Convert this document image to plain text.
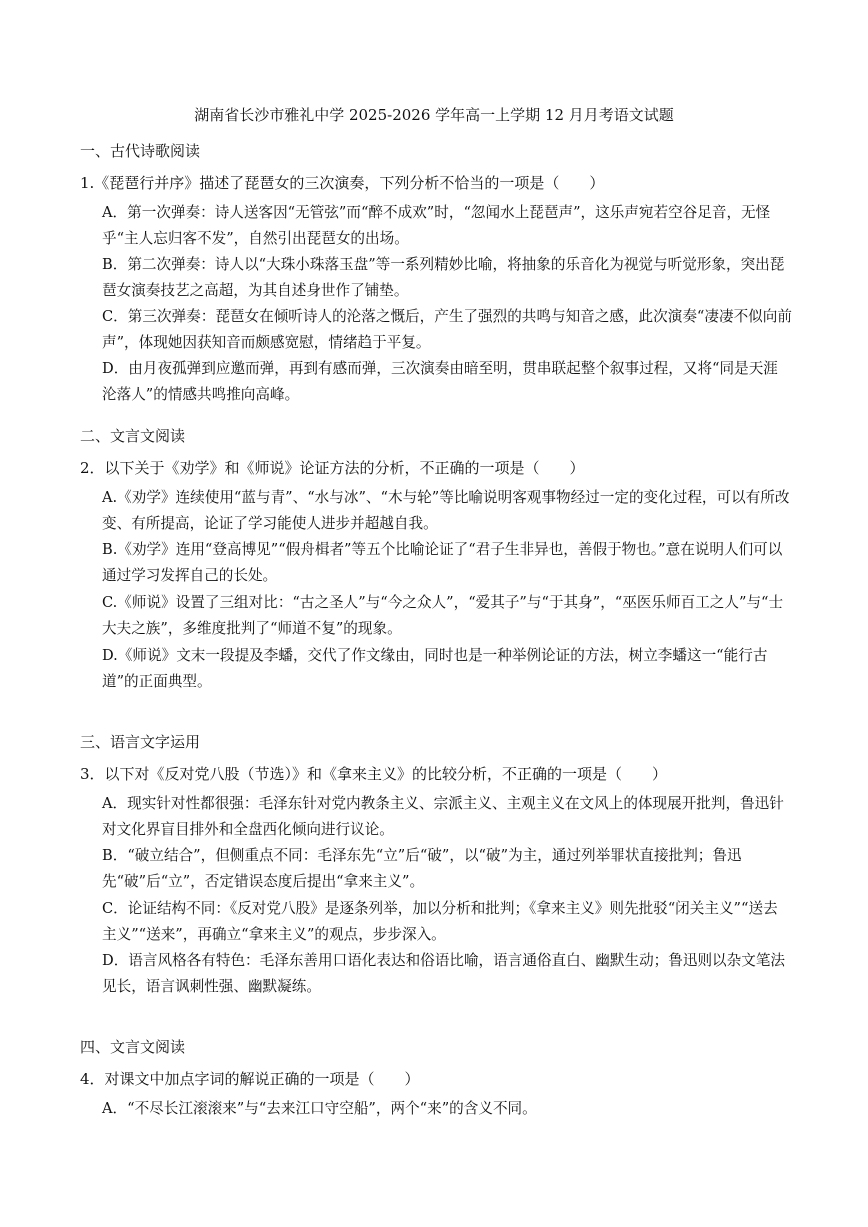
湖南省长沙市雅礼中学 2025-2026 学年高一上学期 12 月月考语文试题
一、古代诗歌阅读
1.《琵琶行并序》描述了琵琶女的三次演奏，下列分析不恰当的一项是（　　）
A．第一次弹奏：诗人送客因“无管弦”而“醉不成欢”时，“忽闻水上琵琶声”，这乐声宛若空谷足音，无怪乎“主人忘归客不发”，自然引出琵琶女的出场。
B．第二次弹奏：诗人以“大珠小珠落玉盘”等一系列精妙比喻，将抽象的乐音化为视觉与听觉形象，突出琵琶女演奏技艺之高超，为其自述身世作了铺垫。
C．第三次弹奏：琵琶女在倾听诗人的沦落之慨后，产生了强烈的共鸣与知音之感，此次演奏“凄凄不似向前声”，体现她因获知音而颇感宽慰，情绪趋于平复。
D．由月夜孤弹到应邀而弹，再到有感而弹，三次演奏由暗至明，贯串联起整个叙事过程，又将“同是天涯沦落人”的情感共鸣推向高峰。
二、文言文阅读
2．以下关于《劝学》和《师说》论证方法的分析，不正确的一项是（　　）
A.《劝学》连续使用“蓝与青”、“水与冰”、“木与轮”等比喻说明客观事物经过一定的变化过程，可以有所改变、有所提高，论证了学习能使人进步并超越自我。
B.《劝学》连用“登高博见”“假舟楫者”等五个比喻论证了“君子生非异也，善假于物也。”意在说明人们可以通过学习发挥自己的长处。
C.《师说》设置了三组对比：“古之圣人”与“今之众人”，“爱其子”与“于其身”，“巫医乐师百工之人”与“士大夫之族”，多维度批判了“师道不复”的现象。
D.《师说》文末一段提及李蟠，交代了作文缘由，同时也是一种举例论证的方法，树立李蟠这一“能行古道”的正面典型。
三、语言文字运用
3．以下对《反对党八股（节选）》和《拿来主义》的比较分析，不正确的一项是（　　）
A．现实针对性都很强：毛泽东针对党内教条主义、宗派主义、主观主义在文风上的体现展开批判，鲁迅针对文化界盲目排外和全盘西化倾向进行议论。
B．“破立结合”，但侧重点不同：毛泽东先“立”后“破”，以“破”为主，通过列举罪状直接批判；鲁迅先“破”后“立”，否定错误态度后提出“拿来主义”。
C．论证结构不同：《反对党八股》是逐条列举，加以分析和批判；《拿来主义》则先批驳“闭关主义”“送去主义”“送来”，再确立“拿来主义”的观点，步步深入。
D．语言风格各有特色：毛泽东善用口语化表达和俗语比喻，语言通俗直白、幽默生动；鲁迅则以杂文笔法见长，语言讽刺性强、幽默凝练。
四、文言文阅读
4．对课文中加点字词的解说正确的一项是（　　）
A．“不尽长江滚滚来”与“去来江口守空船”，两个“来”的含义不同。
